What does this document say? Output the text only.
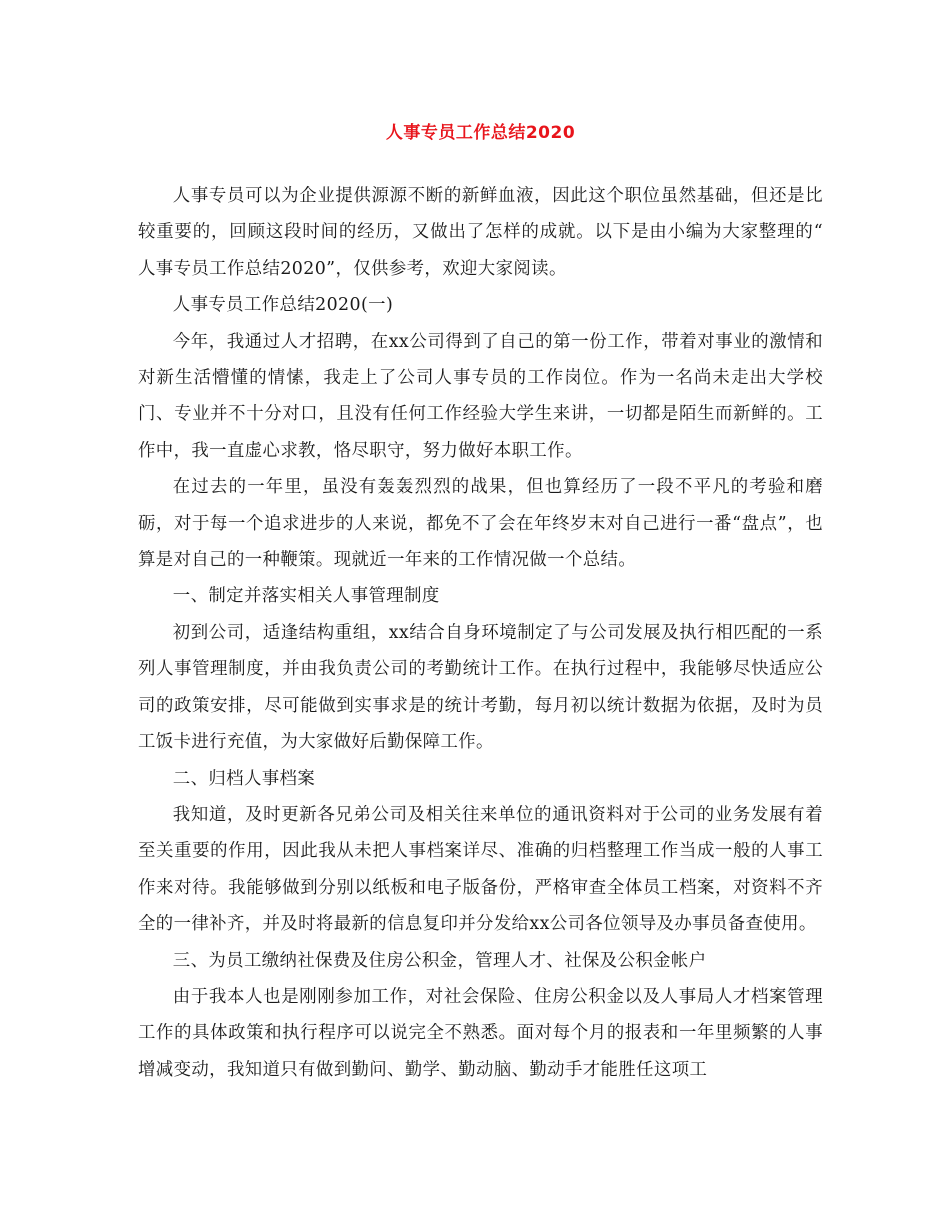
人事专员工作总结2020

人事专员可以为企业提供源源不断的新鲜血液，因此这个职位虽然基础，但还是比较重要的，回顾这段时间的经历，又做出了怎样的成就。以下是由小编为大家整理的“ 人事专员工作总结2020”，仅供参考，欢迎大家阅读。

人事专员工作总结2020(一)

今年，我通过人才招聘，在xx公司得到了自己的第一份工作，带着对事业的激情和对新生活懵懂的情愫，我走上了公司人事专员的工作岗位。作为一名尚未走出大学校门、专业并不十分对口，且没有任何工作经验大学生来讲，一切都是陌生而新鲜的。工作中，我一直虚心求教，恪尽职守，努力做好本职工作。

在过去的一年里，虽没有轰轰烈烈的战果，但也算经历了一段不平凡的考验和磨砺，对于每一个追求进步的人来说，都免不了会在年终岁末对自己进行一番“盘点”，也算是对自己的一种鞭策。现就近一年来的工作情况做一个总结。

一、制定并落实相关人事管理制度

初到公司，适逢结构重组，xx结合自身环境制定了与公司发展及执行相匹配的一系列人事管理制度，并由我负责公司的考勤统计工作。在执行过程中，我能够尽快适应公司的政策安排，尽可能做到实事求是的统计考勤，每月初以统计数据为依据，及时为员工饭卡进行充值，为大家做好后勤保障工作。

二、归档人事档案

我知道，及时更新各兄弟公司及相关往来单位的通讯资料对于公司的业务发展有着至关重要的作用，因此我从未把人事档案详尽、准确的归档整理工作当成一般的人事工作来对待。我能够做到分别以纸板和电子版备份，严格审查全体员工档案，对资料不齐全的一律补齐，并及时将最新的信息复印并分发给xx公司各位领导及办事员备查使用。

三、为员工缴纳社保费及住房公积金，管理人才、社保及公积金帐户

由于我本人也是刚刚参加工作，对社会保险、住房公积金以及人事局人才档案管理工作的具体政策和执行程序可以说完全不熟悉。面对每个月的报表和一年里频繁的人事增减变动，我知道只有做到勤问、勤学、勤动脑、勤动手才能胜任这项工
